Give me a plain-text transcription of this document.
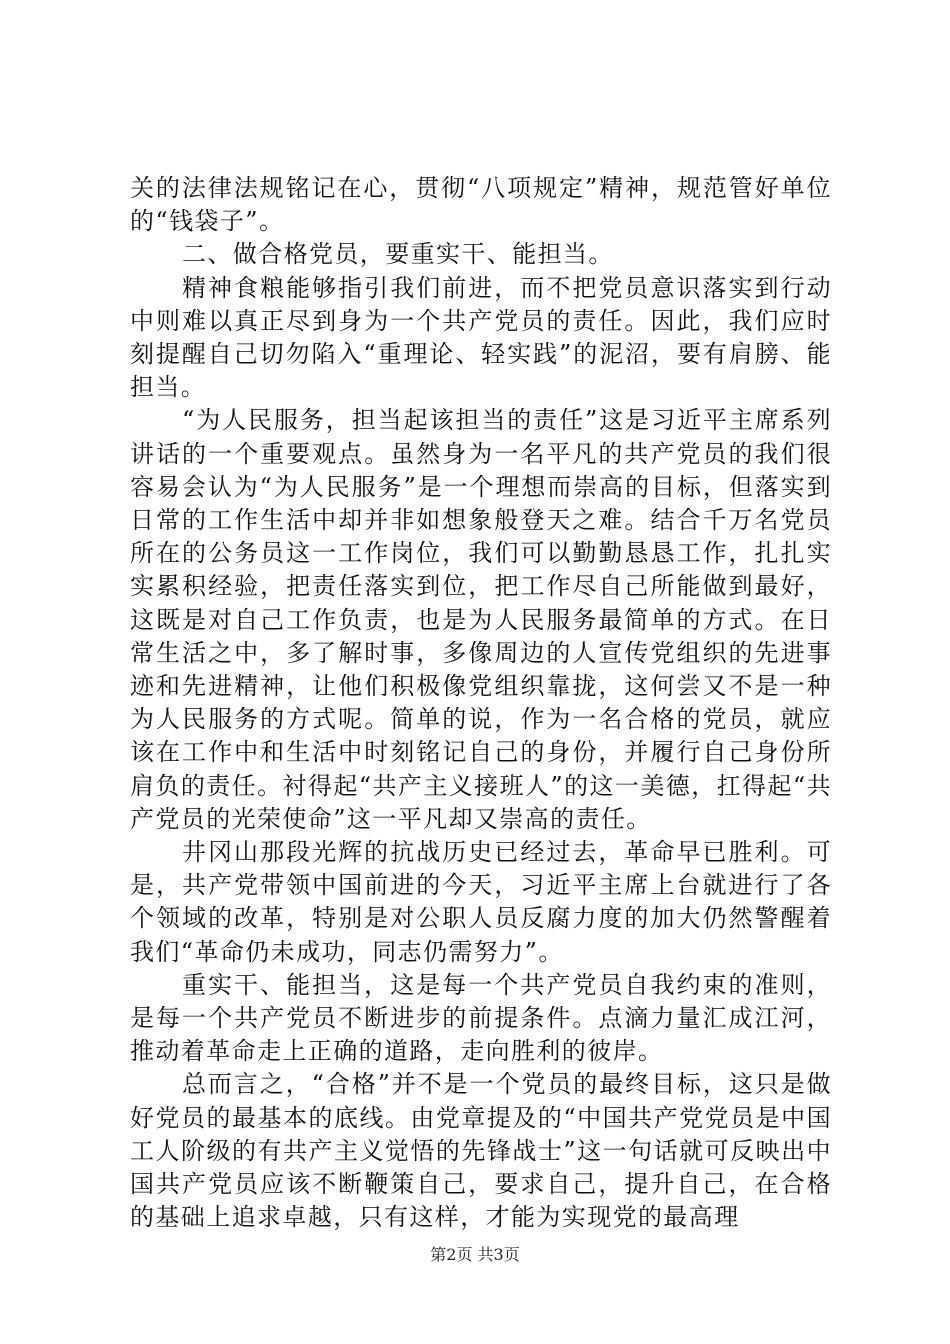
关的法律法规铭记在心，贯彻“八项规定”精神，规范管好单位的“钱袋子”。

二、做合格党员，要重实干、能担当。

精神食粮能够指引我们前进，而不把党员意识落实到行动中则难以真正尽到身为一个共产党员的责任。因此，我们应时刻提醒自己切勿陷入“重理论、轻实践”的泥沼，要有肩膀、能担当。

“为人民服务，担当起该担当的责任”这是习近平主席系列讲话的一个重要观点。虽然身为一名平凡的共产党员的我们很容易会认为“为人民服务”是一个理想而崇高的目标，但落实到日常的工作生活中却并非如想象般登天之难。结合千万名党员所在的公务员这一工作岗位，我们可以勤勤恳恳工作，扎扎实实累积经验，把责任落实到位，把工作尽自己所能做到最好，这既是对自己工作负责，也是为人民服务最简单的方式。在日常生活之中，多了解时事，多像周边的人宣传党组织的先进事迹和先进精神，让他们积极像党组织靠拢，这何尝又不是一种为人民服务的方式呢。简单的说，作为一名合格的党员，就应该在工作中和生活中时刻铭记自己的身份，并履行自己身份所肩负的责任。衬得起“共产主义接班人”的这一美德，扛得起“共产党员的光荣使命”这一平凡却又崇高的责任。

井冈山那段光辉的抗战历史已经过去，革命早已胜利。可是，共产党带领中国前进的今天，习近平主席上台就进行了各个领域的改革，特别是对公职人员反腐力度的加大仍然警醒着我们“革命仍未成功，同志仍需努力”。

重实干、能担当，这是每一个共产党员自我约束的准则，是每一个共产党员不断进步的前提条件。点滴力量汇成江河，推动着革命走上正确的道路，走向胜利的彼岸。

总而言之，“合格”并不是一个党员的最终目标，这只是做好党员的最基本的底线。由党章提及的“中国共产党党员是中国工人阶级的有共产主义觉悟的先锋战士”这一句话就可反映出中国共产党员应该不断鞭策自己，要求自己，提升自己，在合格的基础上追求卓越，只有这样，才能为实现党的最高理

第2页 共3页
